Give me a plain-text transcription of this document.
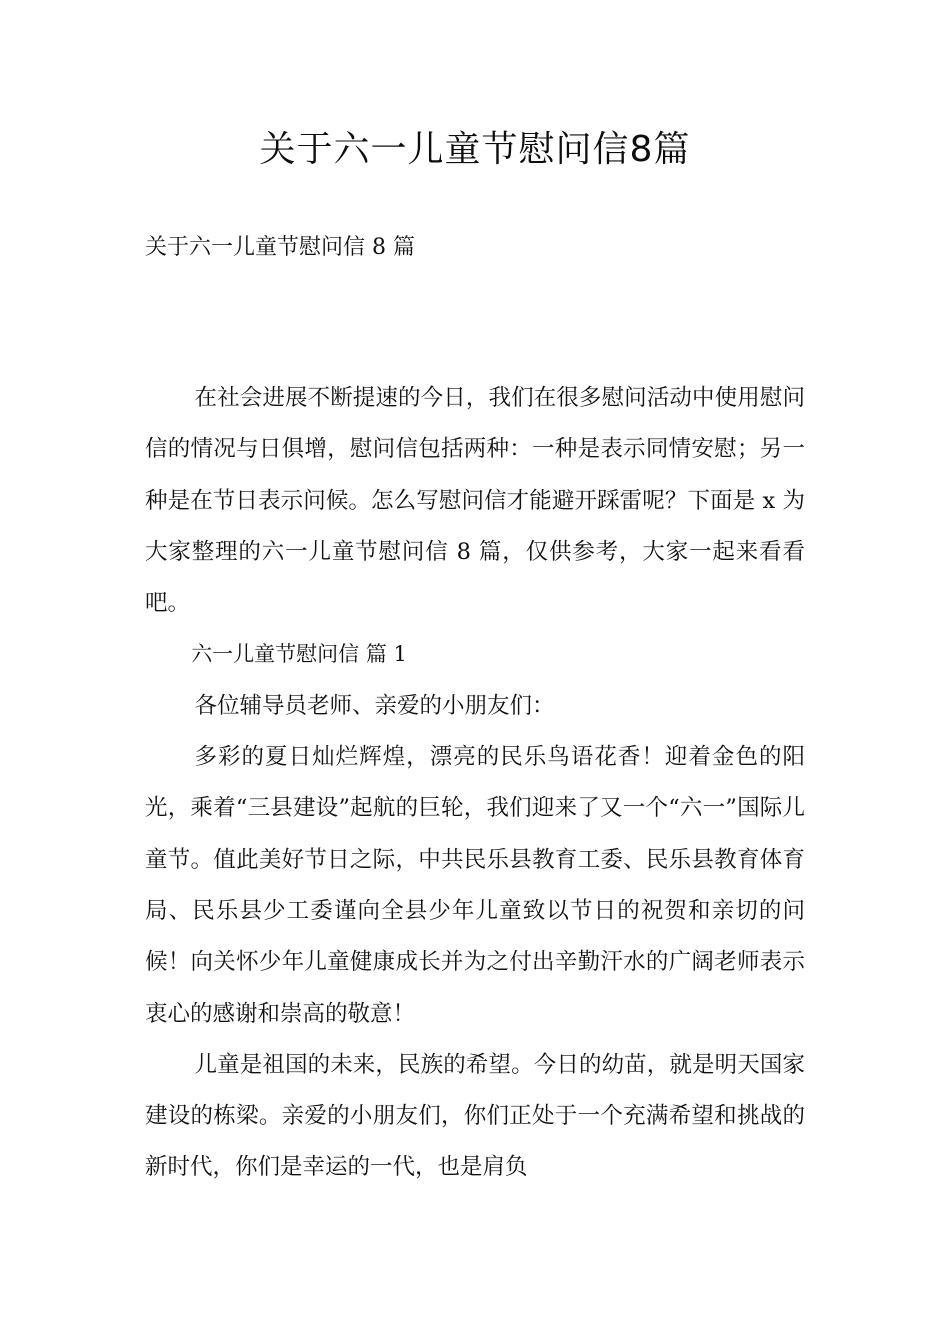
关于六一儿童节慰问信8篇
关于六一儿童节慰问信 8 篇

在社会进展不断提速的今日，我们在很多慰问活动中使用慰问信的情况与日俱增，慰问信包括两种：一种是表示同情安慰；另一种是在节日表示问候。怎么写慰问信才能避开踩雷呢？下面是 x 为大家整理的六一儿童节慰问信 8 篇，仅供参考，大家一起来看看吧。

六一儿童节慰问信 篇 1

各位辅导员老师、亲爱的小朋友们：

多彩的夏日灿烂辉煌，漂亮的民乐鸟语花香！迎着金色的阳光，乘着“三县建设”起航的巨轮，我们迎来了又一个“六一”国际儿童节。值此美好节日之际，中共民乐县教育工委、民乐县教育体育局、民乐县少工委谨向全县少年儿童致以节日的祝贺和亲切的问候！向关怀少年儿童健康成长并为之付出辛勤汗水的广阔老师表示衷心的感谢和崇高的敬意！

儿童是祖国的未来，民族的希望。今日的幼苗，就是明天国家建设的栋梁。亲爱的小朋友们，你们正处于一个充满希望和挑战的新时代，你们是幸运的一代，也是肩负
